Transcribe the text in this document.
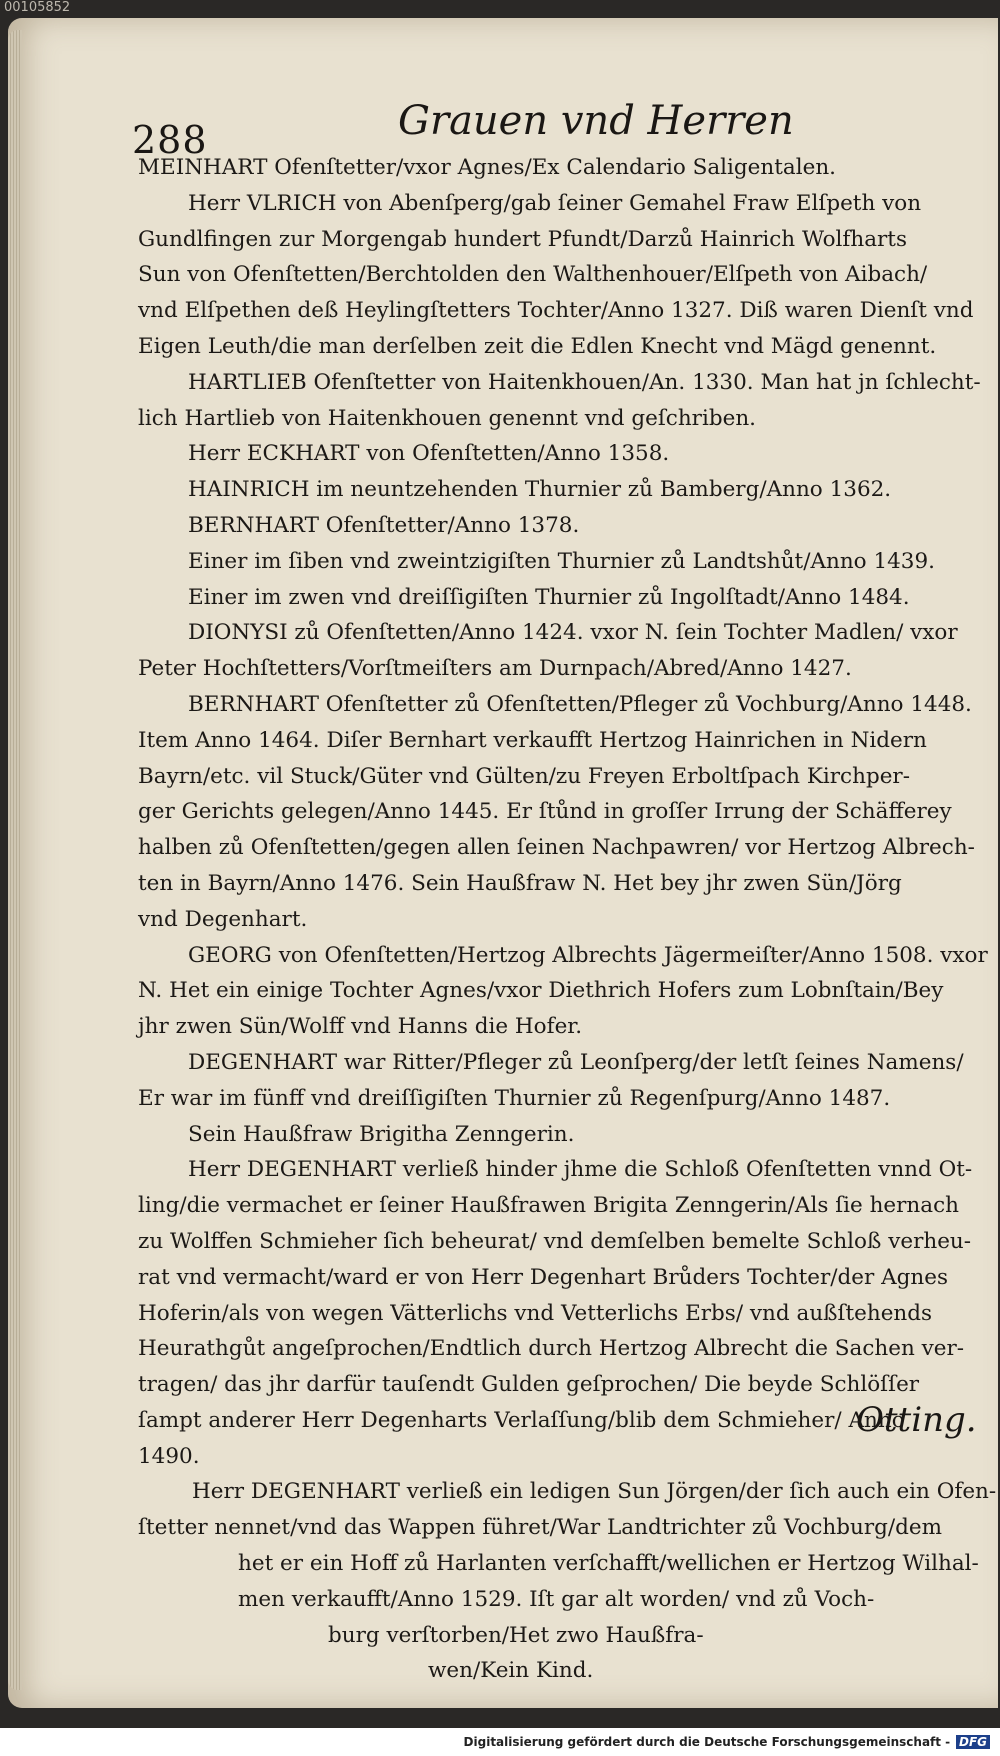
00105852
288	Grauen vnd Herren
MEINHART Ofenſtetter/vxor Agnes/Ex Calendario Saligentalen.
Herr VLRICH von Abenſperg/gab ſeiner Gemahel Fraw Elſpeth von
Gundlfingen zur Morgengab hundert Pfundt/Darzů Hainrich Wolfharts
Sun von Ofenſtetten/Berchtolden den Walthenhouer/Elſpeth von Aibach/
vnd Elſpethen deß Heylingſtetters Tochter/Anno 1327. Diß waren Dienſt vnd
Eigen Leuth/die man derſelben zeit die Edlen Knecht vnd Mägd genennt.
HARTLIEB Ofenſtetter von Haitenkhouen/An. 1330. Man hat jn ſchlecht-
lich Hartlieb von Haitenkhouen genennt vnd geſchriben.
Herr ECKHART von Ofenſtetten/Anno 1358.
HAINRICH im neuntzehenden Thurnier zů Bamberg/Anno 1362.
BERNHART Ofenſtetter/Anno 1378.
Einer im ſiben vnd zweintzigiſten Thurnier zů Landtshůt/Anno 1439.
Einer im zwen vnd dreiſſigiſten Thurnier zů Ingolſtadt/Anno 1484.
DIONYSI zů Ofenſtetten/Anno 1424. vxor N. ſein Tochter Madlen/ vxor
Peter Hochſtetters/Vorſtmeiſters am Durnpach/Abred/Anno 1427.
BERNHART Ofenſtetter zů Ofenſtetten/Pfleger zů Vochburg/Anno 1448.
Item Anno 1464. Diſer Bernhart verkaufft Hertzog Hainrichen in Nidern
Bayrn/etc. vil Stuck/Güter vnd Gülten/zu Freyen Erboltſpach Kirchper-
ger Gerichts gelegen/Anno 1445. Er ſtůnd in groſſer Irrung der Schäfferey
halben zů Ofenſtetten/gegen allen ſeinen Nachpawren/ vor Hertzog Albrech-
ten in Bayrn/Anno 1476. Sein Haußfraw N. Het bey jhr zwen Sün/Jörg
vnd Degenhart.
GEORG von Ofenſtetten/Hertzog Albrechts Jägermeiſter/Anno 1508. vxor
N. Het ein einige Tochter Agnes/vxor Diethrich Hofers zum Lobnſtain/Bey
jhr zwen Sün/Wolff vnd Hanns die Hofer.
DEGENHART war Ritter/Pfleger zů Leonſperg/der letſt ſeines Namens/
Er war im fünff vnd dreiſſigiſten Thurnier zů Regenſpurg/Anno 1487.
Sein Haußfraw Brigitha Zenngerin.
Herr DEGENHART verließ hinder jhme die Schloß Ofenſtetten vnnd Ot-
ling/die vermachet er ſeiner Haußfrawen Brigita Zenngerin/Als ſie hernach
zu Wolffen Schmieher ſich beheurat/ vnd demſelben bemelte Schloß verheu-
rat vnd vermacht/ward er von Herr Degenhart Brůders Tochter/der Agnes
Hoferin/als von wegen Vätterlichs vnd Vetterlichs Erbs/ vnd außſtehends
Heurathgůt angeſprochen/Endtlich durch Hertzog Albrecht die Sachen ver-
tragen/ das jhr darfür tauſendt Gulden geſprochen/ Die beyde Schlöſſer
ſampt anderer Herr Degenharts Verlaſſung/blib dem Schmieher/ Anno
1490.
Herr DEGENHART verließ ein ledigen Sun Jörgen/der ſich auch ein Ofen-
ſtetter nennet/vnd das Wappen führet/War Landtrichter zů Vochburg/dem
het er ein Hoff zů Harlanten verſchafft/wellichen er Hertzog Wilhal-
men verkaufft/Anno 1529. Iſt gar alt worden/ vnd zů Voch-
burg verſtorben/Het zwo Haußfra-
wen/Kein Kind.
Otting.
Digitalisierung gefördert durch die Deutsche Forschungsgemeinschaft - DFG
